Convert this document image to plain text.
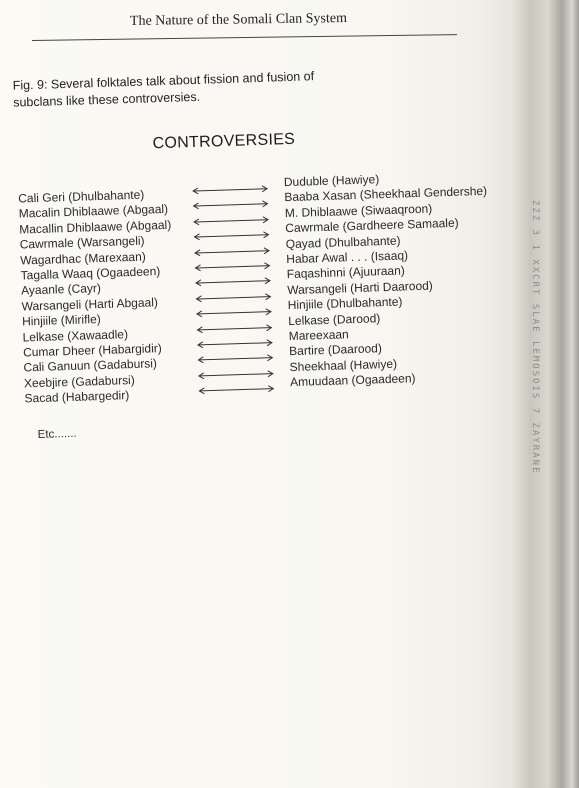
ZZZ 3 1 XXCRT SLAE LEMOSOIS 7 ZAYRANE
The Nature of the Somali Clan System

Fig. 9: Several folktales talk about fission and fusion of subclans like these controversies.

CONTROVERSIES
Cali Geri (Dhulbahante)
Duduble (Hawiye)
Macalin Dhiblaawe (Abgaal)
Baaba Xasan (Sheekhaal Gendershe)
Macallin Dhiblaawe (Abgaal)
M. Dhiblaawe (Siwaaqroon)
Cawrmale (Warsangeli)
Cawrmale (Gardheere Samaale)
Wagardhac (Marexaan)
Qayad (Dhulbahante)
Tagalla Waaq (Ogaadeen)
Habar Awal . . . (Isaaq)
Ayaanle (Cayr)
Faqashinni (Ajuuraan)
Warsangeli (Harti Abgaal)
Warsangeli (Harti Daarood)
Hinjiile (Mirifle)
Hinjiile (Dhulbahante)
Lelkase (Xawaadle)
Lelkase (Darood)
Cumar Dheer (Habargidir)
Mareexaan
Cali Ganuun (Gadabursi)
Bartire (Daarood)
Xeebjire (Gadabursi)
Sheekhaal (Hawiye)
Sacad (Habargedir)
Amuudaan (Ogaadeen)

Etc.......
